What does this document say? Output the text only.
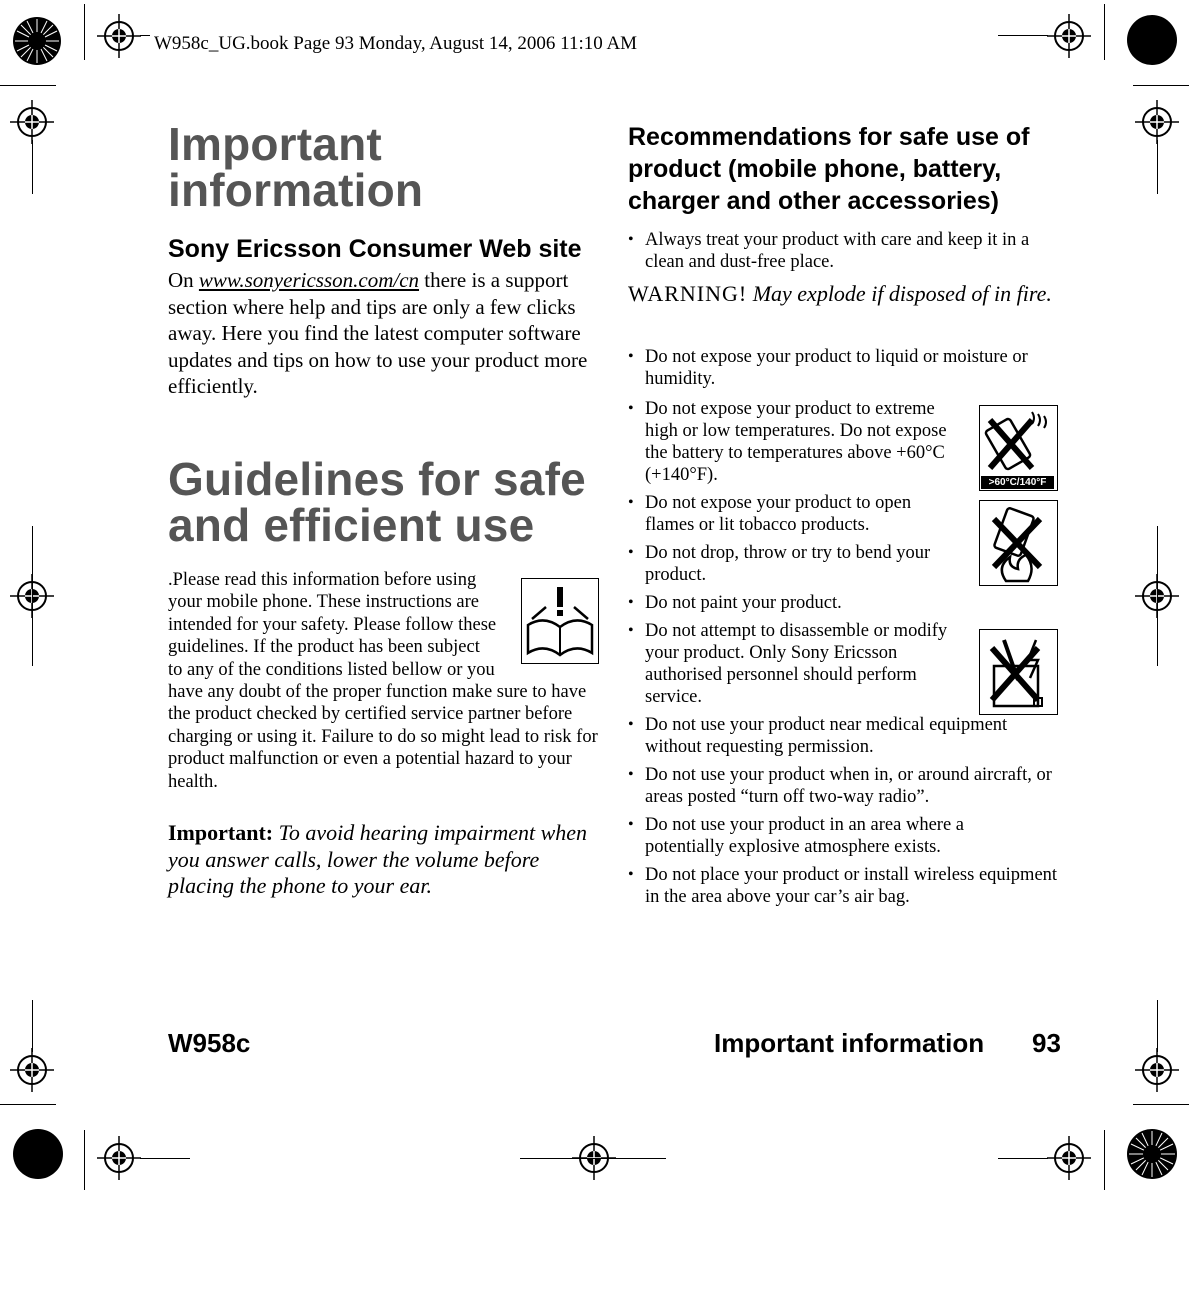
W958c_UG.book Page 93 Monday, August 14, 2006 11:10 AM
Important information
Sony Ericsson Consumer Web site
On www.sonyericsson.com/cn there is a support section where help and tips are only a few clicks away. Here you find the latest computer software updates and tips on how to use your product more efficiently.
Guidelines for safe and efficient use
.Please read this information before using your mobile phone. These instructions are intended for your safety. Please follow these guidelines. If the product has been subject to any of the conditions listed bellow or you have any doubt of the proper function make sure to have the product checked by certified service partner before charging or using it. Failure to do so might lead to risk for product malfunction or even a potential hazard to your health.
Important: To avoid hearing impairment when you answer calls, lower the volume before placing the phone to your ear.
Recommendations for safe use of product (mobile phone, battery, charger and other accessories)
• Always treat your product with care and keep it in a clean and dust-free place.
WARNING! May explode if disposed of in fire.
>60°C/140°F
• Do not expose your product to liquid or moisture or humidity.
• Do not expose your product to extreme high or low temperatures. Do not expose the battery to temperatures above +60°C (+140°F).
• Do not expose your product to open flames or lit tobacco products.
• Do not drop, throw or try to bend your product.
• Do not paint your product.
• Do not attempt to disassemble or modify your product. Only Sony Ericsson authorised personnel should perform service.
• Do not use your product near medical equipment without requesting permission.
• Do not use your product when in, or around aircraft, or areas posted “turn off two-way radio”.
• Do not use your product in an area where a potentially explosive atmosphere exists.
• Do not place your product or install wireless equipment in the area above your car’s air bag.
W958c	Important information 93
